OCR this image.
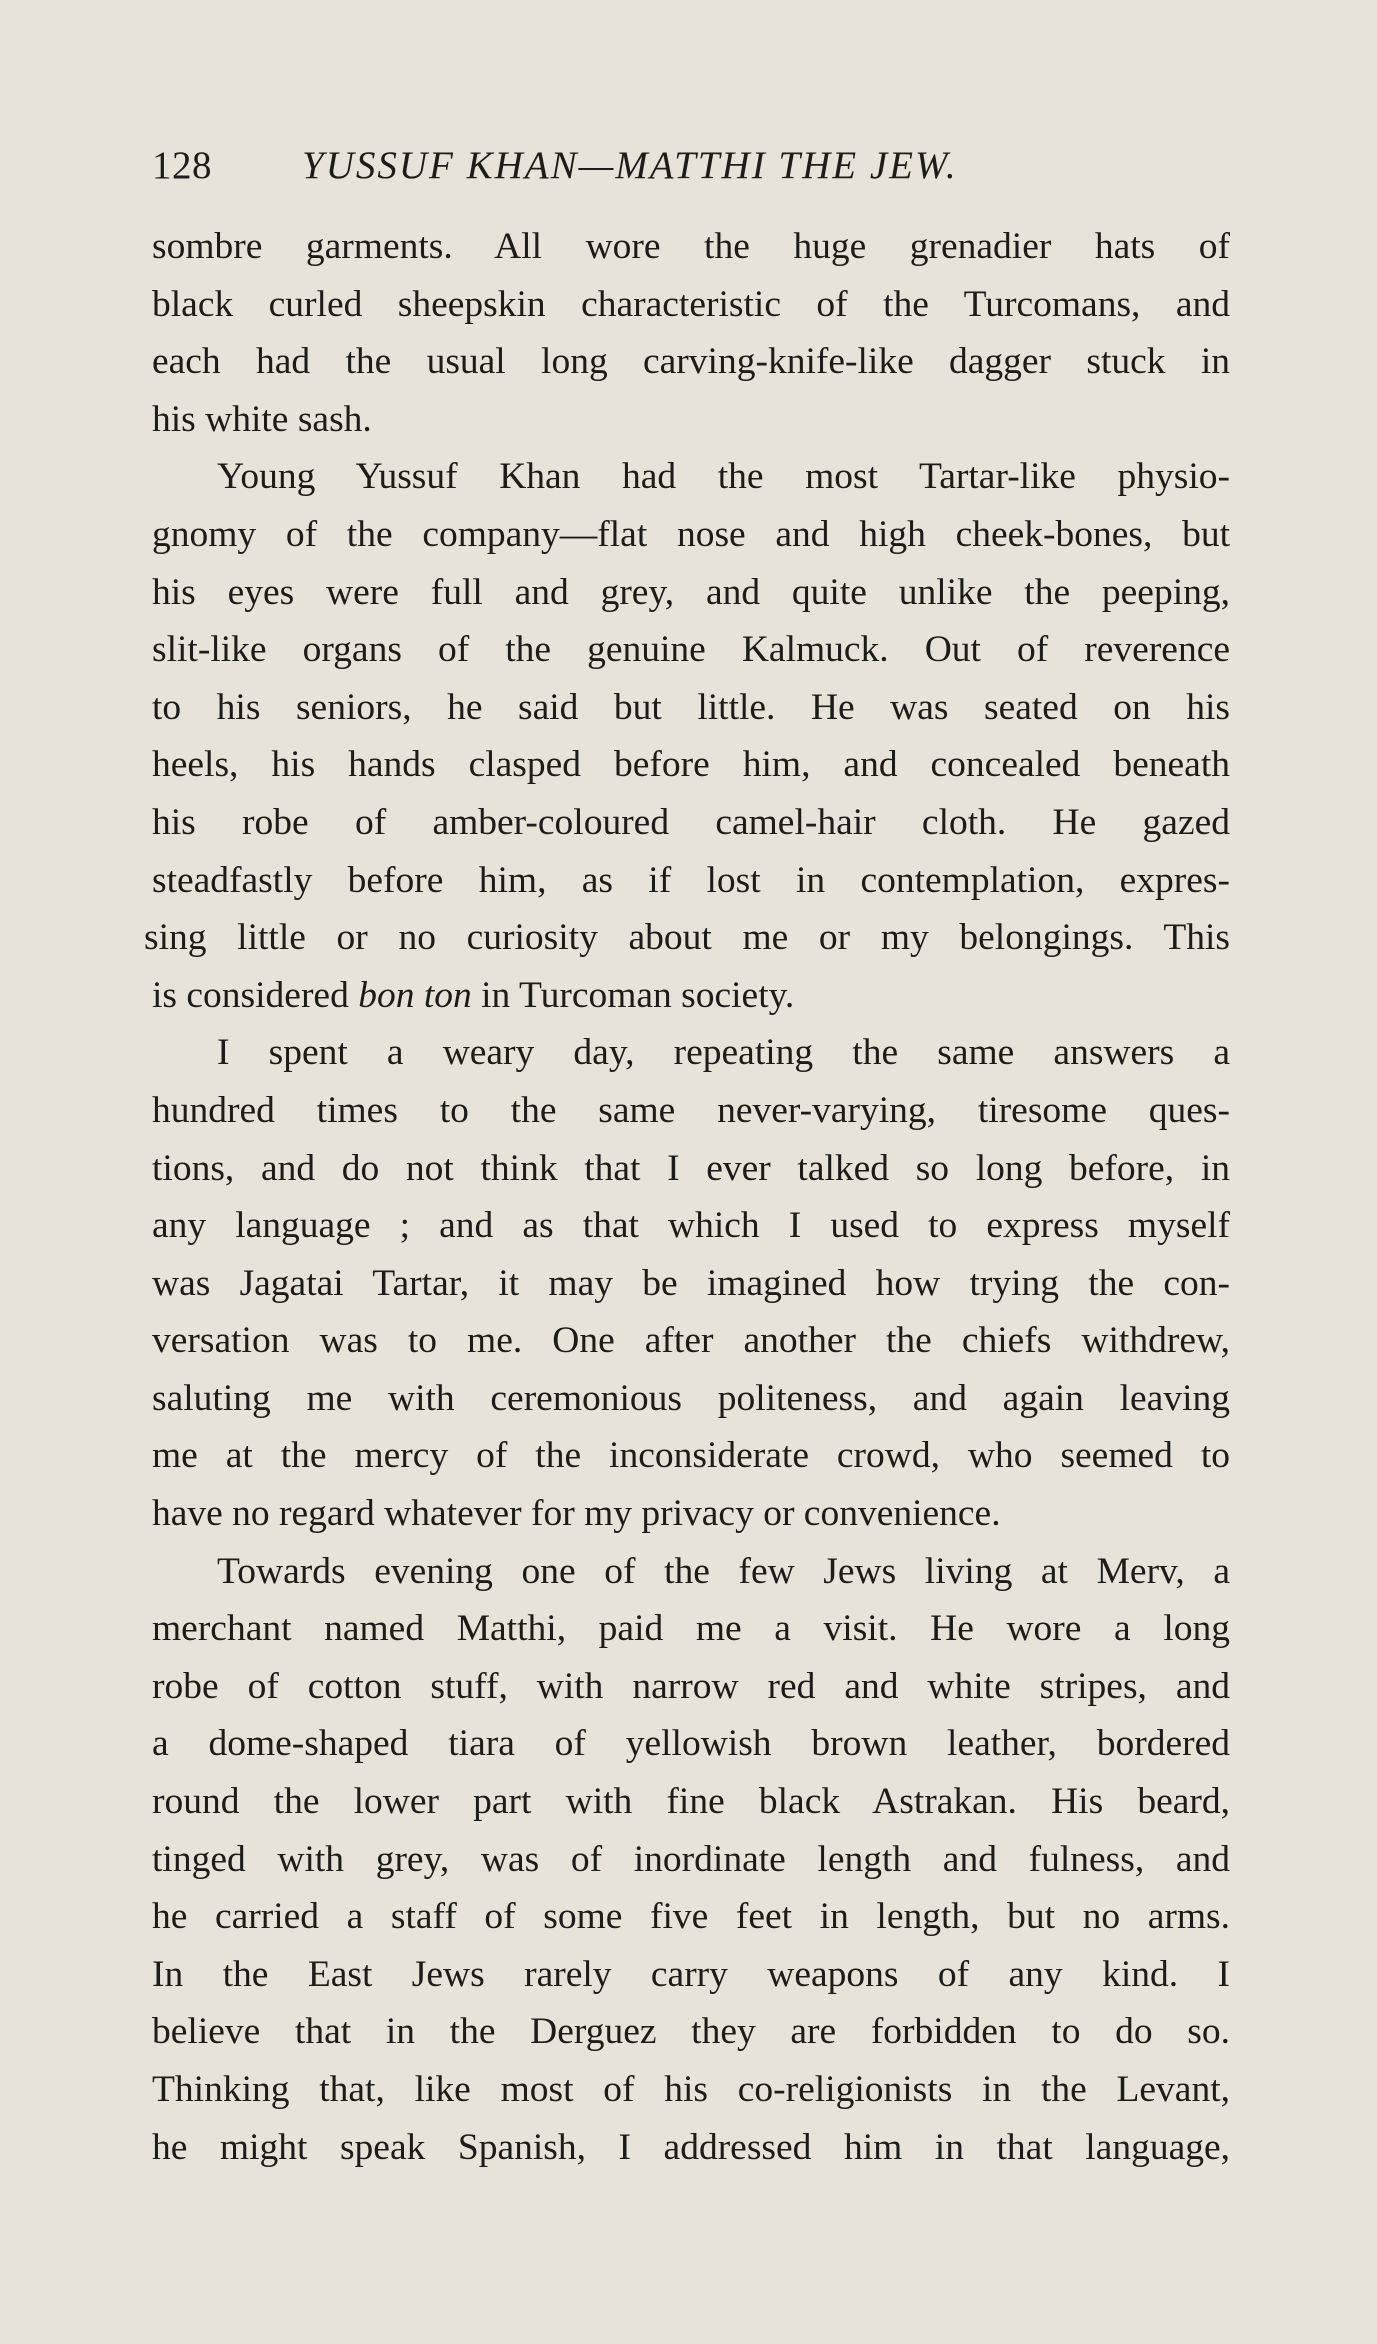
128 YUSSUF KHAN—MATTHI THE JEW.
sombre garments. All wore the huge grenadier hats of
black curled sheepskin characteristic of the Turcomans, and
each had the usual long carving-knife-like dagger stuck in
his white sash.
Young Yussuf Khan had the most Tartar-like physio-
gnomy of the company—flat nose and high cheek-bones, but
his eyes were full and grey, and quite unlike the peeping,
slit-like organs of the genuine Kalmuck. Out of reverence
to his seniors, he said but little. He was seated on his
heels, his hands clasped before him, and concealed beneath
his robe of amber-coloured camel-hair cloth. He gazed
steadfastly before him, as if lost in contemplation, expres-
sing little or no curiosity about me or my belongings. This
is considered bon ton in Turcoman society.
I spent a weary day, repeating the same answers a
hundred times to the same never-varying, tiresome ques-
tions, and do not think that I ever talked so long before, in
any language ; and as that which I used to express myself
was Jagatai Tartar, it may be imagined how trying the con-
versation was to me. One after another the chiefs withdrew,
saluting me with ceremonious politeness, and again leaving
me at the mercy of the inconsiderate crowd, who seemed to
have no regard whatever for my privacy or convenience.
Towards evening one of the few Jews living at Merv, a
merchant named Matthi, paid me a visit. He wore a long
robe of cotton stuff, with narrow red and white stripes, and
a dome-shaped tiara of yellowish brown leather, bordered
round the lower part with fine black Astrakan. His beard,
tinged with grey, was of inordinate length and fulness, and
he carried a staff of some five feet in length, but no arms.
In the East Jews rarely carry weapons of any kind. I
believe that in the Derguez they are forbidden to do so.
Thinking that, like most of his co-religionists in the Levant,
he might speak Spanish, I addressed him in that language,
